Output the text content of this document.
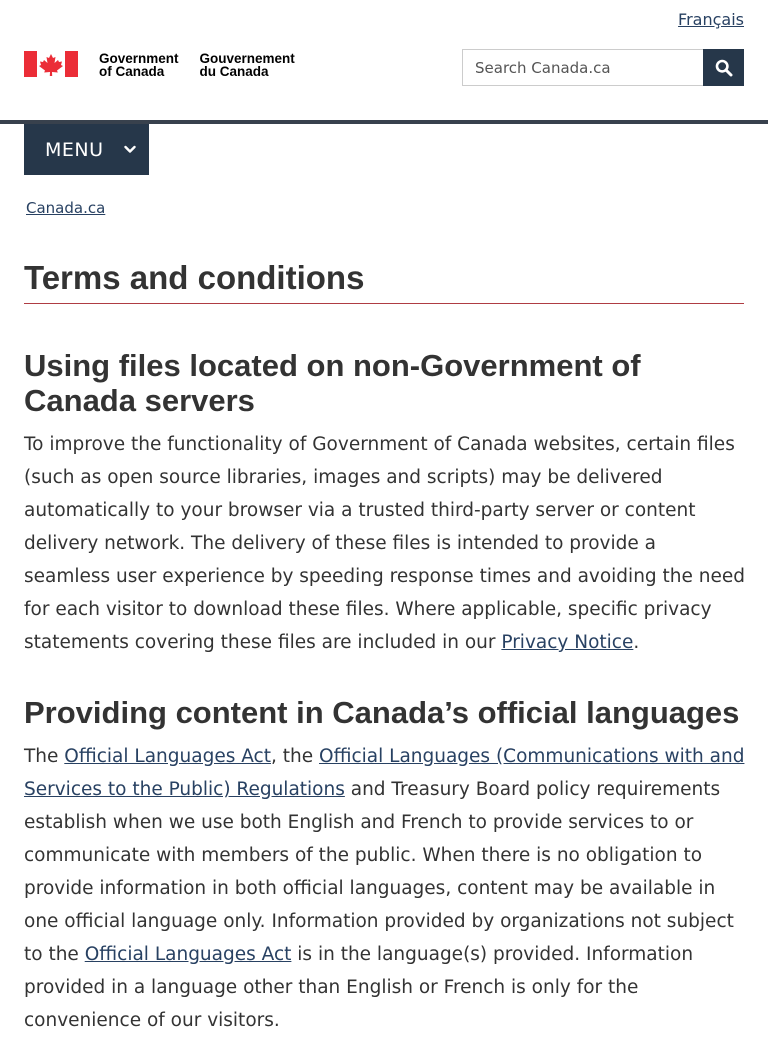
Français
Government
of Canada
Gouvernement
du Canada
Search Canada.ca
MENU
Canada.ca
Terms and conditions
Using files located on non-Government of Canada servers

To improve the functionality of Government of Canada websites, certain files (such as open source libraries, images and scripts) may be delivered automatically to your browser via a trusted third-party server or content delivery network. The delivery of these files is intended to provide a seamless user experience by speeding response times and avoiding the need for each visitor to download these files. Where applicable, specific privacy statements covering these files are included in our Privacy Notice.

Providing content in Canada’s official languages

The Official Languages Act, the Official Languages (Communications with and Services to the Public) Regulations and Treasury Board policy requirements establish when we use both English and French to provide services to or communicate with members of the public. When there is no obligation to provide information in both official languages, content may be available in one official language only. Information provided by organizations not subject to the Official Languages Act is in the language(s) provided. Information provided in a language other than English or French is only for the convenience of our visitors.
